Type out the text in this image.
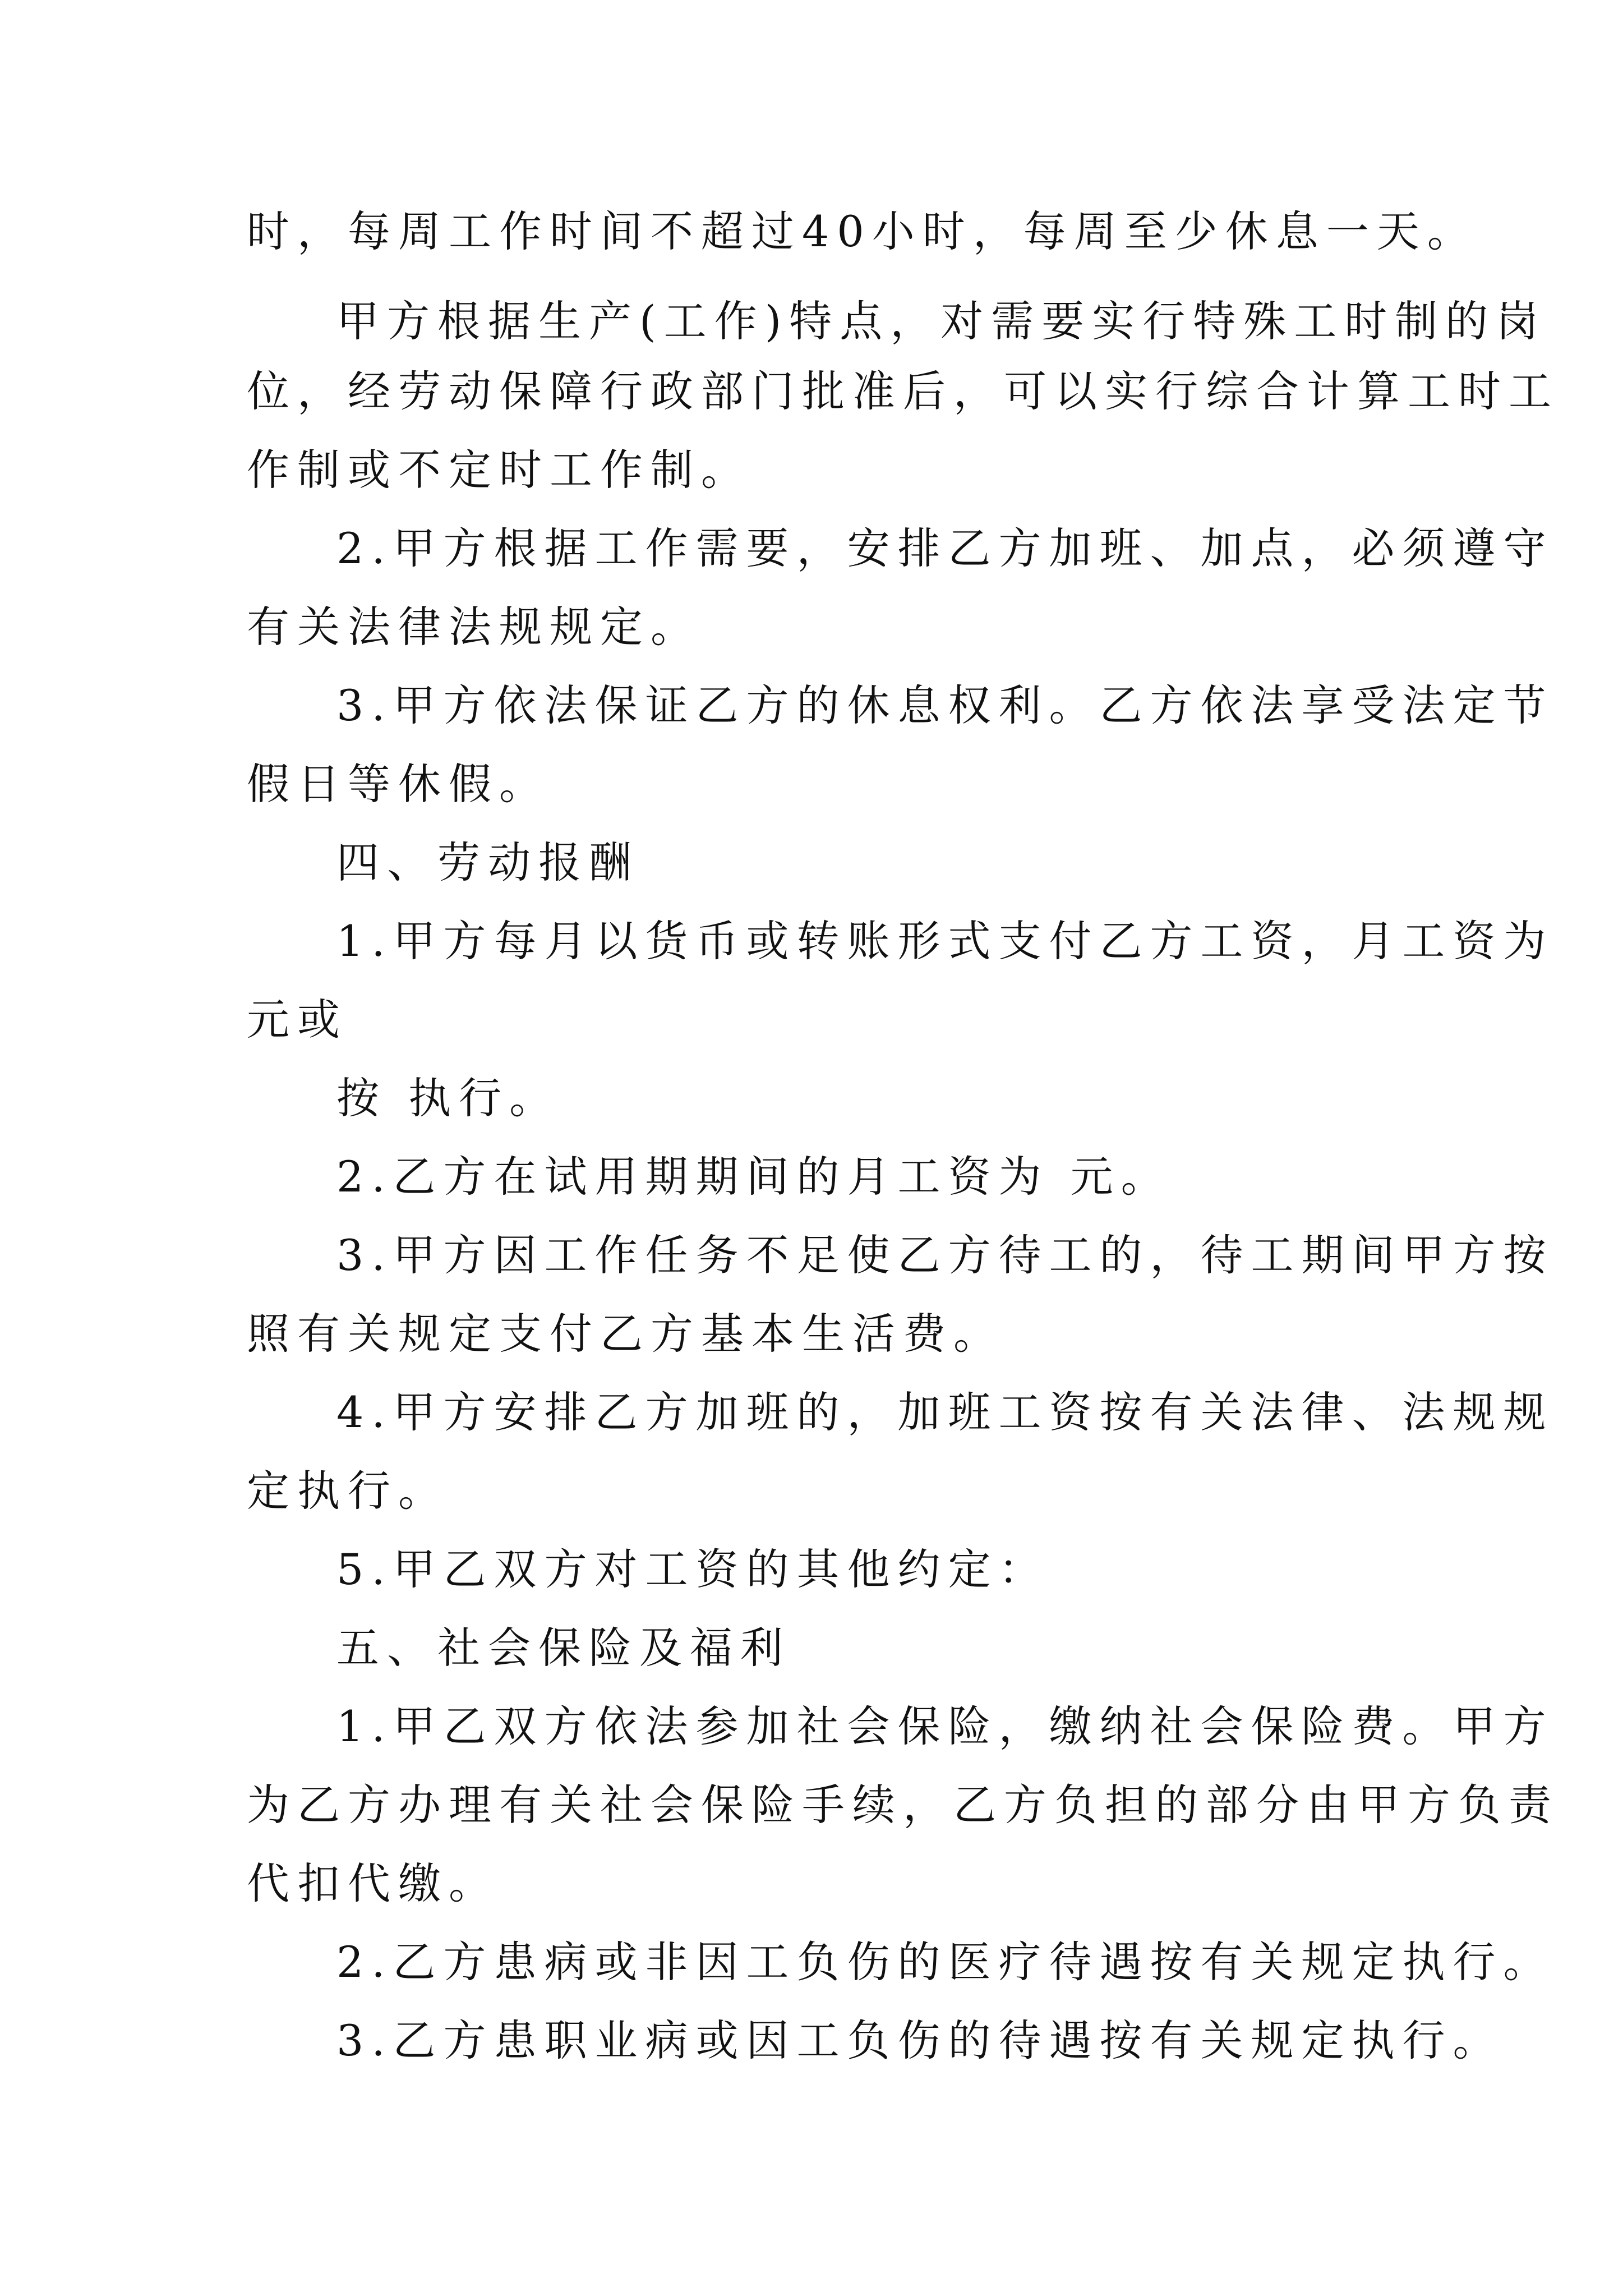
时，每周工作时间不超过40小时，每周至少休息一天。
甲方根据生产(工作)特点，对需要实行特殊工时制的岗
位，经劳动保障行政部门批准后，可以实行综合计算工时工
作制或不定时工作制。
2.甲方根据工作需要，安排乙方加班、加点，必须遵守
有关法律法规规定。
3.甲方依法保证乙方的休息权利。乙方依法享受法定节
假日等休假。
四、劳动报酬
1.甲方每月以货币或转账形式支付乙方工资，月工资为
元或
按 执行。
2.乙方在试用期期间的月工资为 元。
3.甲方因工作任务不足使乙方待工的，待工期间甲方按
照有关规定支付乙方基本生活费。
4.甲方安排乙方加班的，加班工资按有关法律、法规规
定执行。
5.甲乙双方对工资的其他约定：
五、社会保险及福利
1.甲乙双方依法参加社会保险，缴纳社会保险费。甲方
为乙方办理有关社会保险手续，乙方负担的部分由甲方负责
代扣代缴。
2.乙方患病或非因工负伤的医疗待遇按有关规定执行。
3.乙方患职业病或因工负伤的待遇按有关规定执行。
